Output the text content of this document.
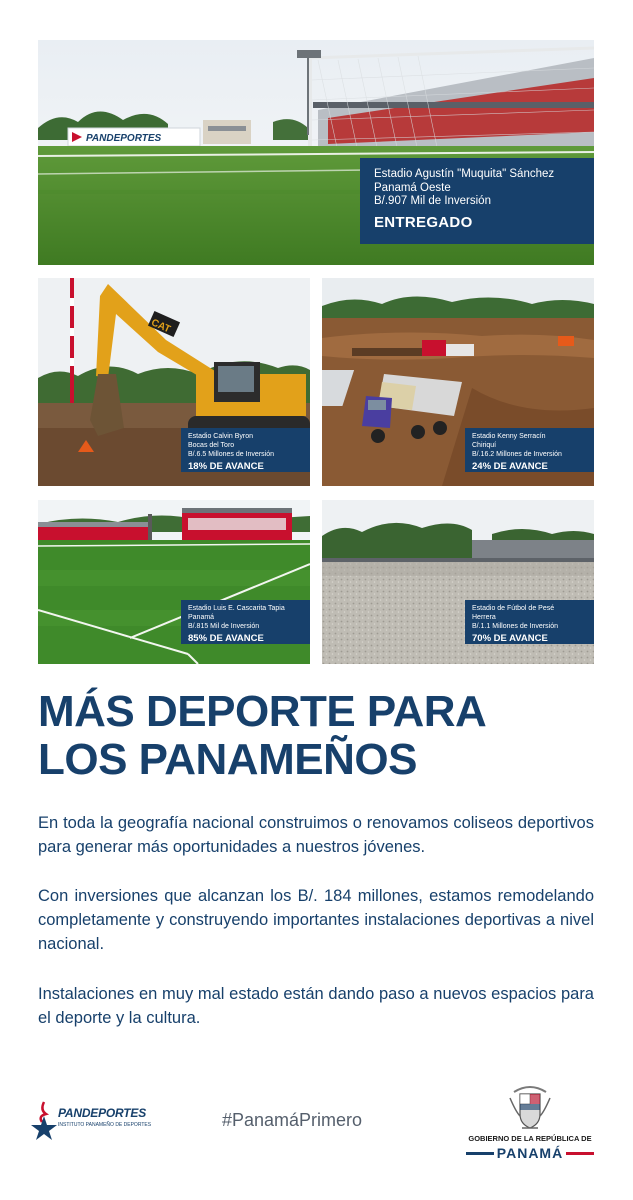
PANDEPORTES
Estadio Agustín "Muquita" Sánchez
Panamá Oeste
B/.907 Mil de Inversión
ENTREGADO
CAT
Estadio Calvin Byron
Bocas del Toro
B/.6.5 Millones de Inversión
18% DE AVANCE
Estadio Kenny Serracín
Chiriquí
B/.16.2 Millones de Inversión
24% DE AVANCE
Estadio Luis E. Cascarita Tapia
Panamá
B/.815 Mil de Inversión
85% DE AVANCE
Estadio de Fútbol de Pesé
Herrera
B/.1.1 Millones de Inversión
70% DE AVANCE
MÁS DEPORTE PARA
LOS PANAMEÑOS

En toda la geografía nacional construimos o renovamos coliseos deportivos para generar más oportunidades a nuestros jóvenes.

Con inversiones que alcanzan los B/. 184 millones, estamos remodelando completamente y construyendo importantes instalaciones deportivas a nivel nacional.

Instalaciones en muy mal estado están dando paso a nuevos espacios para el deporte y la cultura.

PANDEPORTES
INSTITUTO PANAMEÑO DE DEPORTES	#PanamáPrimero
GOBIERNO DE LA REPÚBLICA DE
PANAMÁ
